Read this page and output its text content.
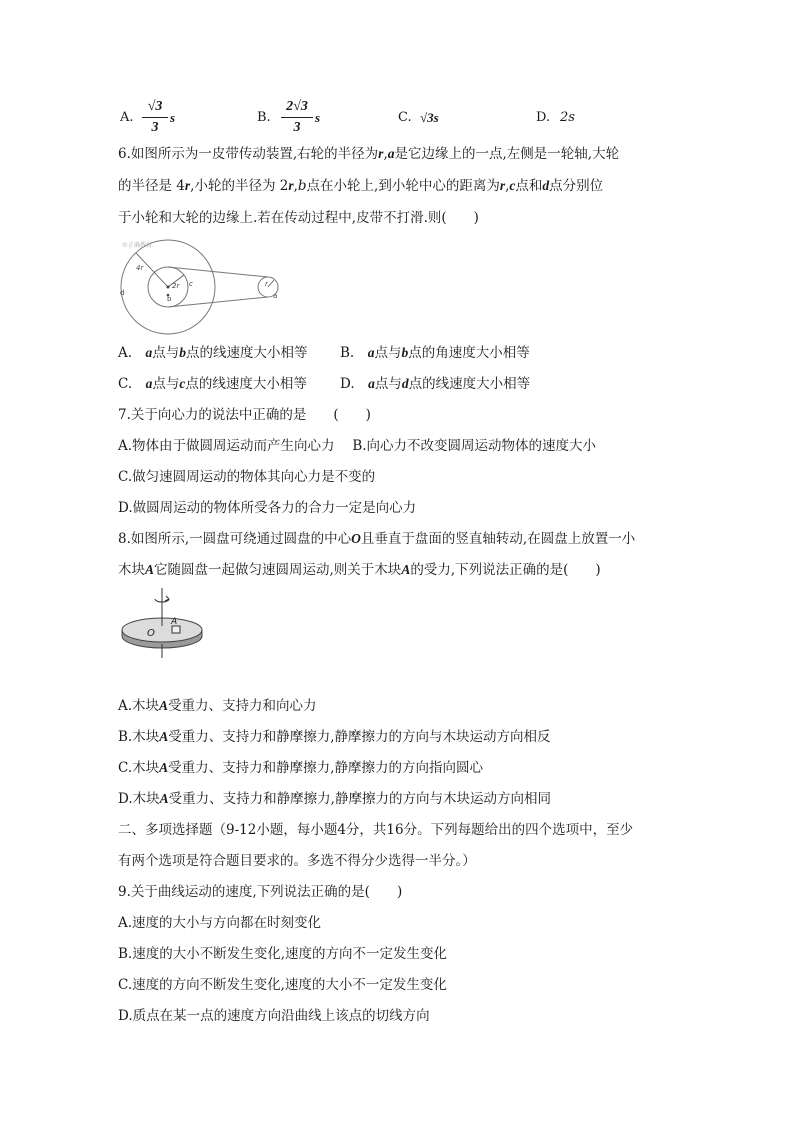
A.
√3
3
s	B.
2√3
3
s	C. √3s	D. 2s
6.如图所示为一皮带传动装置,右轮的半径为r,a是它边缘上的一点,左侧是一轮轴,大轮
的半径是 4r,小轮的半径为 2r,b点在小轮上,到小轮中心的距离为r,c点和d点分别位
于小轮和大轮的边缘上.若在传动过程中,皮带不打滑.则(　　)
©正确教育
4r
2r c
b
d
r
a
A.　a点与b点的线速度大小相等 B.　a点与b点的角速度大小相等
C.　a点与c点的线速度大小相等 D.　a点与d点的线速度大小相等
7.关于向心力的说法中正确的是　　(　　)
A.物体由于做圆周运动而产生向心力　 B.向心力不改变圆周运动物体的速度大小
C.做匀速圆周运动的物体其向心力是不变的
D.做圆周运动的物体所受各力的合力一定是向心力
8.如图所示,一圆盘可绕通过圆盘的中心O且垂直于盘面的竖直轴转动,在圆盘上放置一小
木块A它随圆盘一起做匀速圆周运动,则关于木块A的受力,下列说法正确的是(　　)
O
A
A.木块A受重力、支持力和向心力
B.木块A受重力、支持力和静摩擦力,静摩擦力的方向与木块运动方向相反
C.木块A受重力、支持力和静摩擦力,静摩擦力的方向指向圆心
D.木块A受重力、支持力和静摩擦力,静摩擦力的方向与木块运动方向相同
二、多项选择题（9-12小题，每小题4分，共16分。下列每题给出的四个选项中，至少
有两个选项是符合题目要求的。多选不得分少选得一半分。）
9.关于曲线运动的速度,下列说法正确的是(　　)
A.速度的大小与方向都在时刻变化
B.速度的大小不断发生变化,速度的方向不一定发生变化
C.速度的方向不断发生变化,速度的大小不一定发生变化
D.质点在某一点的速度方向沿曲线上该点的切线方向
